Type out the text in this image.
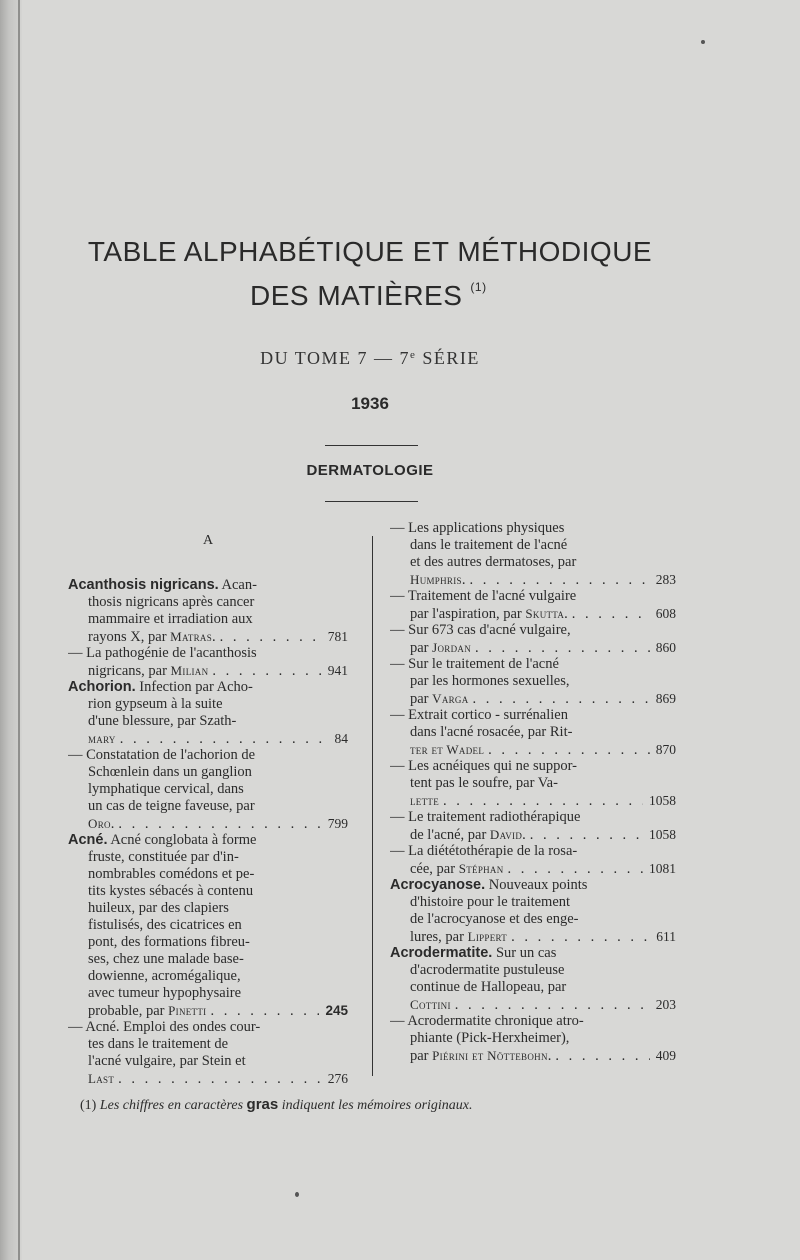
TABLE ALPHABÉTIQUE ET MÉTHODIQUE
DES MATIÈRES $^{(1)}$
DU TOME 7 — 7e SÉRIE
1936
DERMATOLOGIE
A
Acanthosis nigricans. Acan-
thosis nigricans après cancer
mammaire et irradiation aux
rayons X, par Matras. . . .	781
— La pathogénie de l'acanthosis
nigricans, par Milian . . .	941
Achorion. Infection par Acho-
rion gypseum à la suite
d'une blessure, par Szath-
mary . . .	84
— Constatation de l'achorion de
Schœnlein dans un ganglion
lymphatique cervical, dans
un cas de teigne faveuse, par
Oro. . . .	799
Acné. Acné conglobata à forme
fruste, constituée par d'in-
nombrables comédons et pe-
tits kystes sébacés à contenu
huileux, par des clapiers
fistulisés, des cicatrices en
pont, des formations fibreu-
ses, chez une malade base-
dowienne, acromégalique,
avec tumeur hypophysaire
probable, par Pinetti . . .	245
— Acné. Emploi des ondes cour-
tes dans le traitement de
l'acné vulgaire, par Stein et
Last . . .	276
— Les applications physiques
dans le traitement de l'acné
et des autres dermatoses, par
Humphris. . . .	283
— Traitement de l'acné vulgaire
par l'aspiration, par Skutta. . . .	608
— Sur 673 cas d'acné vulgaire,
par Jordan . . .	860
— Sur le traitement de l'acné
par les hormones sexuelles,
par Varga . . .	869
— Extrait cortico - surrénalien
dans l'acné rosacée, par Rit-
ter et Wadel . . .	870
— Les acnéiques qui ne suppor-
tent pas le soufre, par Va-
lette . . .	1058
— Le traitement radiothérapique
de l'acné, par David. . . .	1058
— La diététothérapie de la rosa-
cée, par Stéphan . . .	1081
Acrocyanose. Nouveaux points
d'histoire pour le traitement
de l'acrocyanose et des enge-
lures, par Lippert . . .	611
Acrodermatite. Sur un cas
d'acrodermatite pustuleuse
continue de Hallopeau, par
Cottini . . .	203
— Acrodermatite chronique atro-
phiante (Pick-Herxheimer),
par Piérini et Nöttebohn. . . .	409
(1) Les chiffres en caractères gras indiquent les mémoires originaux.
